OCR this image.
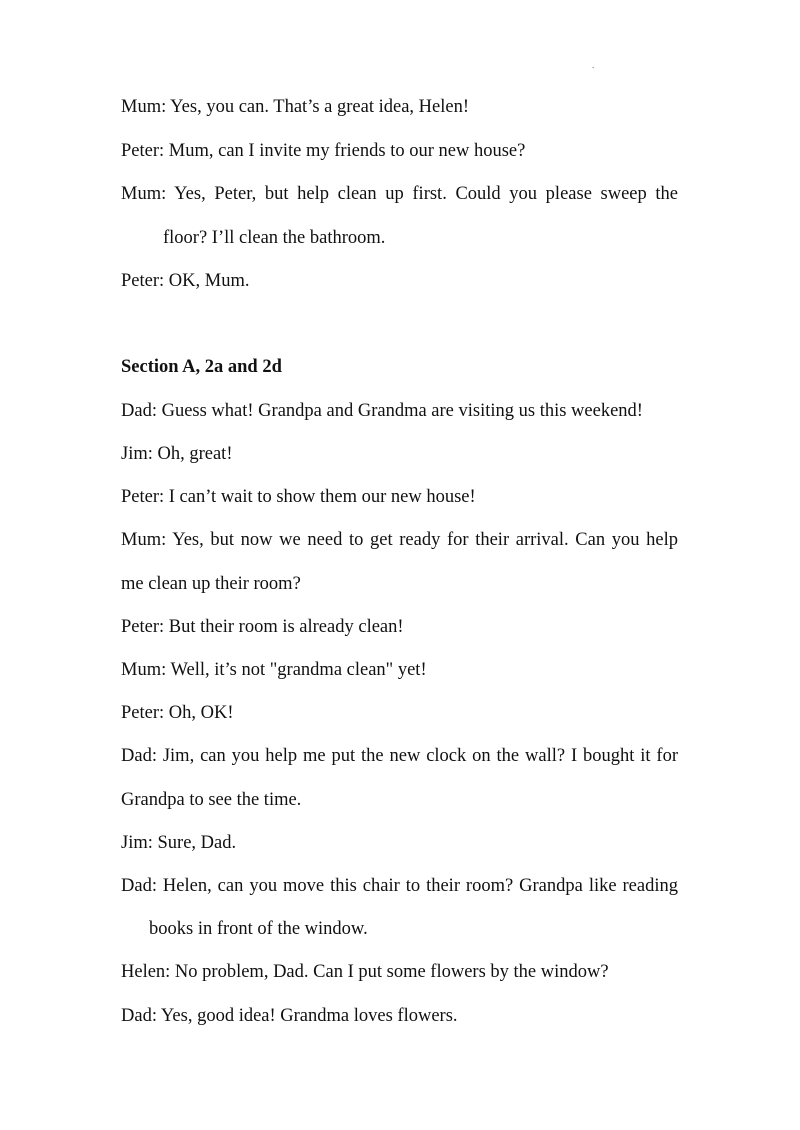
.
Mum: Yes, you can. That’s a great idea, Helen!
Peter: Mum, can I invite my friends to our new house?
Mum: Yes, Peter, but help clean up first. Could you please sweep the
floor? I’ll clean the bathroom.
Peter: OK, Mum.
Section A, 2a and 2d
Dad: Guess what! Grandpa and Grandma are visiting us this weekend!
Jim: Oh, great!
Peter: I can’t wait to show them our new house!
Mum: Yes, but now we need to get ready for their arrival. Can you help
me clean up their room?
Peter: But their room is already clean!
Mum: Well, it’s not "grandma clean" yet!
Peter: Oh, OK!
Dad: Jim, can you help me put the new clock on the wall? I bought it for
Grandpa to see the time.
Jim: Sure, Dad.
Dad: Helen, can you move this chair to their room? Grandpa like reading
books in front of the window.
Helen: No problem, Dad. Can I put some flowers by the window?
Dad: Yes, good idea! Grandma loves flowers.
